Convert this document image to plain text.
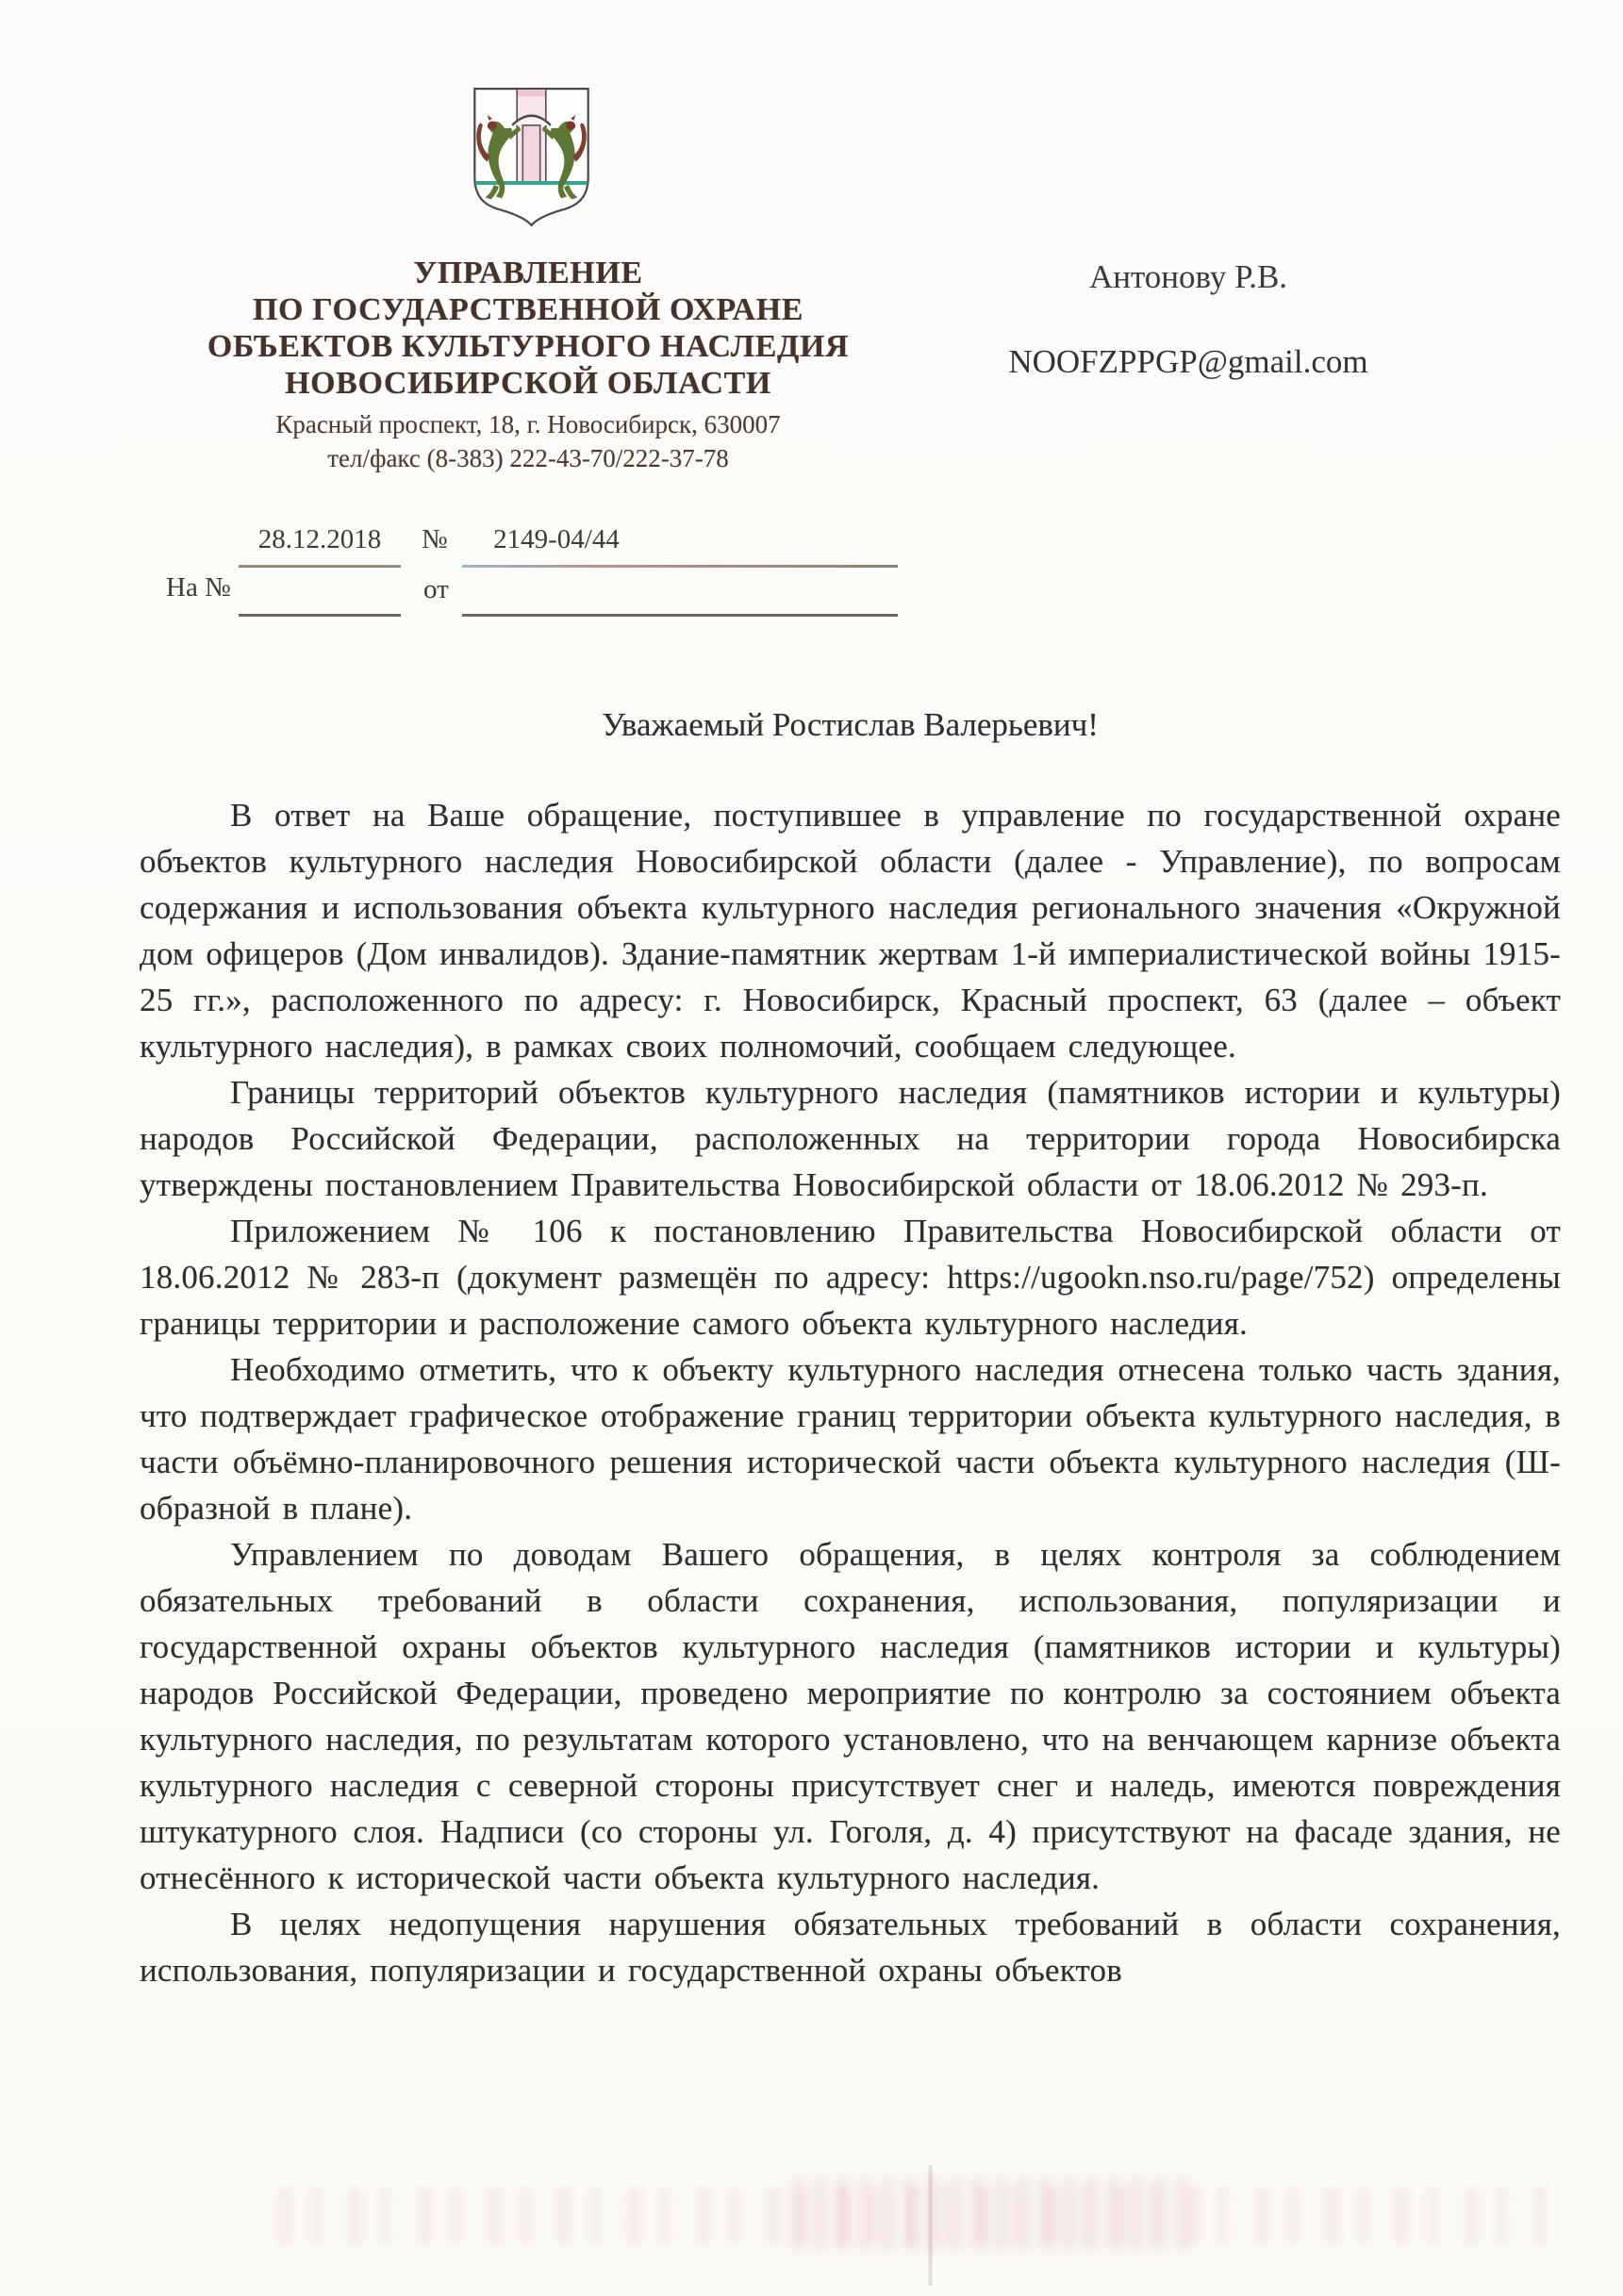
УПРАВЛЕНИЕ
ПО ГОСУДАРСТВЕННОЙ ОХРАНЕ
ОБЪЕКТОВ КУЛЬТУРНОГО НАСЛЕДИЯ
НОВОСИБИРСКОЙ ОБЛАСТИ
Красный проспект, 18, г. Новосибирск, 630007
тел/факс (8-383) 222-43-70/222-37-78
Антонову Р.В.
NOOFZPPGP@gmail.com
28.12.2018	№	2149-04/44
На №	от
Уважаемый Ростислав Валерьевич!

В ответ на Ваше обращение, поступившее в управление по государственной охране объектов культурного наследия Новосибирской области (далее - Управление), по вопросам содержания и использования объекта культурного наследия регионального значения «Окружной дом офицеров (Дом инвалидов). Здание-памятник жертвам 1-й империалистической войны 1915-25 гг.», расположенного по адресу: г. Новосибирск, Красный проспект, 63 (далее – объект культурного наследия), в рамках своих полномочий, сообщаем следующее.

Границы территорий объектов культурного наследия (памятников истории и культуры) народов Российской Федерации, расположенных на территории города Новосибирска утверждены постановлением Правительства Новосибирской области от 18.06.2012 № 293-п.

Приложением № 106 к постановлению Правительства Новосибирской области от 18.06.2012 № 283-п (документ размещён по адресу: https://ugookn.nso.ru/page/752) определены границы территории и расположение самого объекта культурного наследия.

Необходимо отметить, что к объекту культурного наследия отнесена только часть здания, что подтверждает графическое отображение границ территории объекта культурного наследия, в части объёмно-планировочного решения исторической части объекта культурного наследия (Ш-образной в плане).

Управлением по доводам Вашего обращения, в целях контроля за соблюдением обязательных требований в области сохранения, использования, популяризации и государственной охраны объектов культурного наследия (памятников истории и культуры) народов Российской Федерации, проведено мероприятие по контролю за состоянием объекта культурного наследия, по результатам которого установлено, что на венчающем карнизе объекта культурного наследия с северной стороны присутствует снег и наледь, имеются повреждения штукатурного слоя. Надписи (со стороны ул. Гоголя, д. 4) присутствуют на фасаде здания, не отнесённого к исторической части объекта культурного наследия.

В целях недопущения нарушения обязательных требований в области сохранения, использования, популяризации и государственной охраны объектов
